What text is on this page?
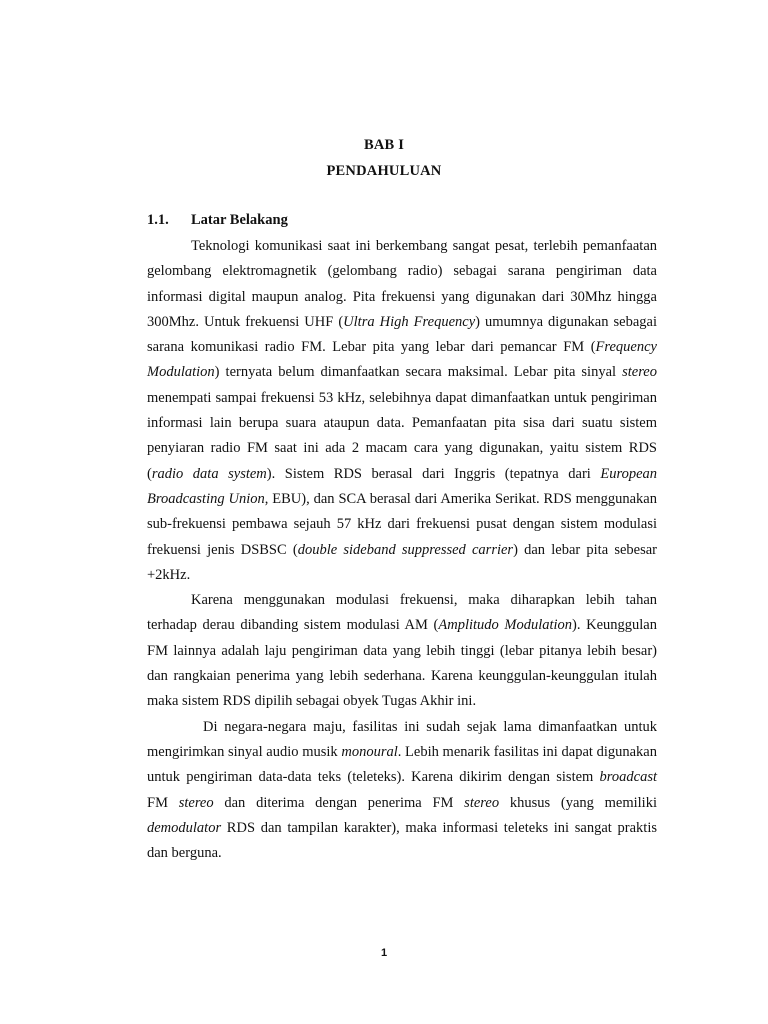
BAB I
PENDAHULUAN
1.1. Latar Belakang

Teknologi komunikasi saat ini berkembang sangat pesat, terlebih pemanfaatan gelombang elektromagnetik (gelombang radio) sebagai sarana pengiriman data informasi digital maupun analog. Pita frekuensi yang digunakan dari 30Mhz hingga 300Mhz. Untuk frekuensi UHF (Ultra High Frequency) umumnya digunakan sebagai sarana komunikasi radio FM. Lebar pita yang lebar dari pemancar FM (Frequency Modulation) ternyata belum dimanfaatkan secara maksimal. Lebar pita sinyal stereo menempati sampai frekuensi 53 kHz, selebihnya dapat dimanfaatkan untuk pengiriman informasi lain berupa suara ataupun data. Pemanfaatan pita sisa dari suatu sistem penyiaran radio FM saat ini ada 2 macam cara yang digunakan, yaitu sistem RDS (radio data system). Sistem RDS berasal dari Inggris (tepatnya dari European Broadcasting Union, EBU), dan SCA berasal dari Amerika Serikat. RDS menggunakan sub-frekuensi pembawa sejauh 57 kHz dari frekuensi pusat dengan sistem modulasi frekuensi jenis DSBSC (double sideband suppressed carrier) dan lebar pita sebesar +2kHz.

Karena menggunakan modulasi frekuensi, maka diharapkan lebih tahan terhadap derau dibanding sistem modulasi AM (Amplitudo Modulation). Keunggulan FM lainnya adalah laju pengiriman data yang lebih tinggi (lebar pitanya lebih besar) dan rangkaian penerima yang lebih sederhana. Karena keunggulan-keunggulan itulah maka sistem RDS dipilih sebagai obyek Tugas Akhir ini.

Di negara-negara maju, fasilitas ini sudah sejak lama dimanfaatkan untuk mengirimkan sinyal audio musik monoural. Lebih menarik fasilitas ini dapat digunakan untuk pengiriman data-data teks (teleteks). Karena dikirim dengan sistem broadcast FM stereo dan diterima dengan penerima FM stereo khusus (yang memiliki demodulator RDS dan tampilan karakter), maka informasi teleteks ini sangat praktis dan berguna.

1
